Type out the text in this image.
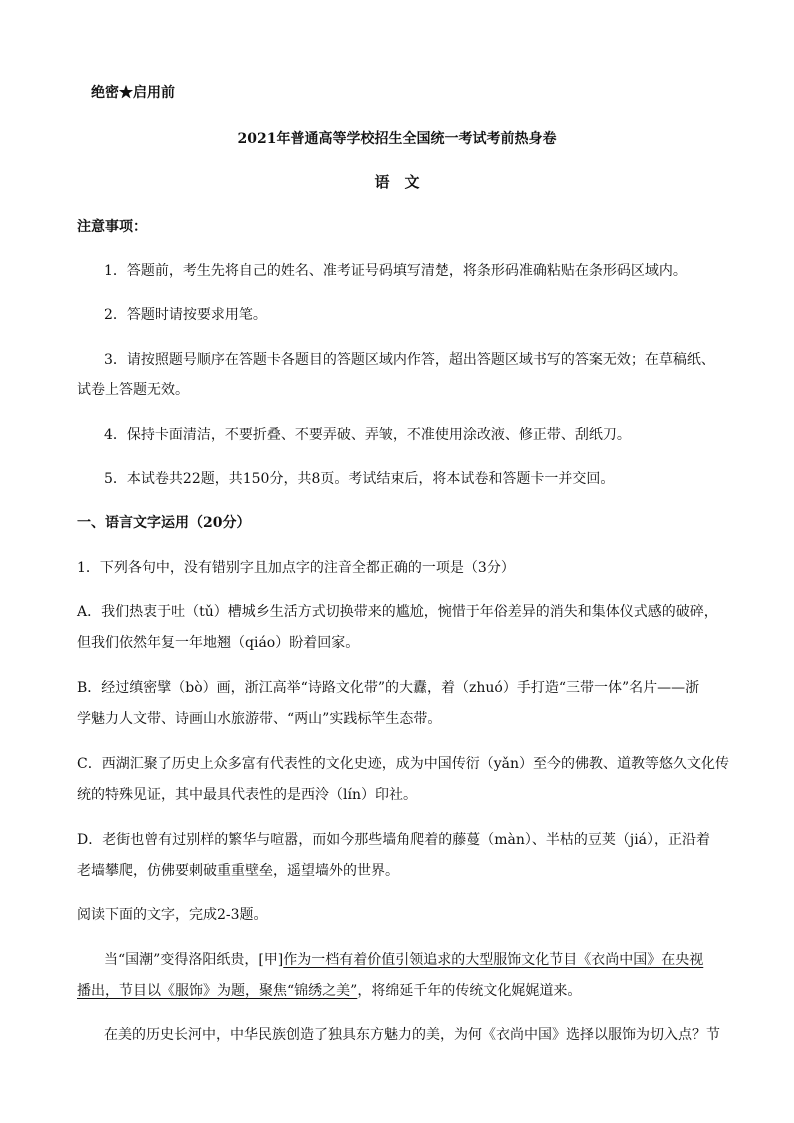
绝密★启用前
2021年普通高等学校招生全国统一考试考前热身卷
语　文
注意事项：
1．答题前，考生先将自己的姓名、准考证号码填写清楚，将条形码准确粘贴在条形码区域内。
2．答题时请按要求用笔。
3．请按照题号顺序在答题卡各题目的答题区域内作答，超出答题区域书写的答案无效；在草稿纸、
试卷上答题无效。
4．保持卡面清洁，不要折叠、不要弄破、弄皱，不准使用涂改液、修正带、刮纸刀。
5．本试卷共22题，共150分，共8页。考试结束后，将本试卷和答题卡一并交回。
一、语言文字运用（20分）
1．下列各句中，没有错别字且加点字的注音全都正确的一项是（3分）
A．我们热衷于吐（tǔ）槽城乡生活方式切换带来的尴尬，惋惜于年俗差异的消失和集体仪式感的破碎，
但我们依然年复一年地翘（qiáo）盼着回家。
B．经过缜密擘（bò）画，浙江高举“诗路文化带”的大纛，着（zhuó）手打造“三带一体”名片——浙
学魅力人文带、诗画山水旅游带、“两山”实践标竿生态带。
C．西湖汇聚了历史上众多富有代表性的文化史迹，成为中国传衍（yǎn）至今的佛教、道教等悠久文化传
统的特殊见证，其中最具代表性的是西泠（lín）印社。
D．老街也曾有过别样的繁华与喧嚣，而如今那些墙角爬着的藤蔓（màn）、半枯的豆荚（jiá），正沿着
老墙攀爬，仿佛要刺破重重壁垒，遥望墙外的世界。
阅读下面的文字，完成2-3题。
当“国潮”变得洛阳纸贵，[甲]作为一档有着价值引领追求的大型服饰文化节目《衣尚中国》在央视
播出，节目以《服饰》为题，聚焦“锦绣之美”，将绵延千年的传统文化娓娓道来。
在美的历史长河中，中华民族创造了独具东方魅力的美，为何《衣尚中国》选择以服饰为切入点？节
